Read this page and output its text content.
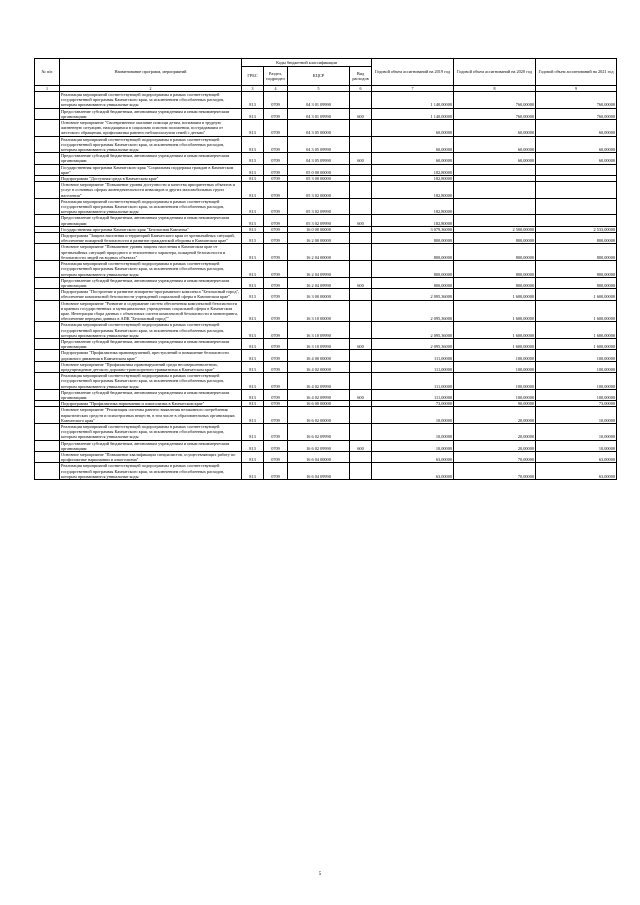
№ п/п	Наименование программ, мероприятий	Коды бюджетной классификации				Годовой объем ассигнований на 2019 год	Годовой объем ассигнований на 2020 год	Годовой объем ассигнований на 2021 год
		ГРБС	Раздел, подраздел	КЦСР	Вид расходов			
1	2	3	4	5	6	7	8	9
	Реализация мероприятий соответствующей подпрограммы в рамках соответствующей государственной программы Камчатского края, за исключением обособленных расходов, которым присваиваются уникальные коды	813	0709	04 3 01 09990		1 140,00000	760,00000	760,00000
	Предоставление субсидий бюджетным, автономным учреждениям и иным некоммерческим организациям	813	0709	04 3 01 09990	600	1 140,00000	760,00000	760,00000
	Основное мероприятие "Своевременное оказание помощи детям, попавшим в трудную жизненную ситуацию, находящимся в социально опасном положении, пострадавшим от жестокого обращения, профилактика раннего неблагополучия семей с детьми"	813	0709	04 3 05 00000		60,00000	60,00000	60,00000
	Реализация мероприятий соответствующей подпрограммы в рамках соответствующей государственной программы Камчатского края, за исключением обособленных расходов, которым присваиваются уникальные коды	813	0709	04 3 05 09990		60,00000	60,00000	60,00000
	Предоставление субсидий бюджетным, автономным учреждениям и иным некоммерческим организациям	813	0709	04 3 05 09990	600	60,00000	60,00000	60,00000
	Государственная программа Камчатского края "Социальная поддержка граждан в Камчатском крае"	813	0709	05 0 00 00000		182,80000		
	Подпрограмма "Доступная среда в Камчатском крае"	813	0709	05 3 00 00000		182,80000		
	Основное мероприятие "Повышение уровня доступности и качества приоритетных объектов и услуг в основных сферах жизнедеятельности инвалидов и других маломобильных групп населения"	813	0709	05 3 02 00000		182,80000		
	Реализация мероприятий соответствующей подпрограммы в рамках соответствующей государственной программы Камчатского края, за исключением обособленных расходов, которым присваиваются уникальные коды	813	0709	05 3 02 09990		182,80000		
	Предоставление субсидий бюджетным, автономным учреждениям и иным некоммерческим организациям	813	0709	05 3 02 09990	600	182,80000		
	Государственная программа Камчатского края "Безопасная Камчатка"	813	0709	16 0 00 00000		3 079,36000	2 500,00000	2 533,00000
	Подпрограмма "Защита населения и территорий Камчатского края от чрезвычайных ситуаций, обеспечение пожарной безопасности и развитие гражданской обороны в Камчатском крае"	813	0709	16 2 00 00000		800,00000	800,00000	800,00000
	Основное мероприятие "Повышение уровня защиты населения в Камчатском крае от чрезвычайных ситуаций природного и техногенного характера, пожарной безопасности и безопасности людей на водных объектах"	813	0709	16 2 04 00000		800,00000	800,00000	800,00000
	Реализация мероприятий соответствующей подпрограммы в рамках соответствующей государственной программы Камчатского края, за исключением обособленных расходов, которым присваиваются уникальные коды	813	0709	16 2 04 09990		800,00000	800,00000	800,00000
	Предоставление субсидий бюджетным, автономным учреждениям и иным некоммерческим организациям	813	0709	16 2 04 09990	600	800,00000	800,00000	800,00000
	Подпрограмма "Построение и развитие аппаратно-программного комплекса "Безопасный город", обеспечение комплексной безопасности учреждений социальной сферы в Камчатском крае"	813	0709	16 3 00 00000		2 095,36000	1 600,00000	1 600,00000
	Основное мероприятие "Развитие и содержание систем обеспечения комплексной безопасности в краевых государственных и муниципальных учреждениях социальной сферы в Камчатском крае. Интеграция сбора данных с объектовых систем комплексной безопасности и мониторинга, обеспечение передачи данных в АПК "Безопасный город""	813	0709	16 3 10 00000		2 095,36000	1 600,00000	1 600,00000
	Реализация мероприятий соответствующей подпрограммы в рамках соответствующей государственной программы Камчатского края, за исключением обособленных расходов, которым присваиваются уникальные коды	813	0709	16 3 10 09990		2 095,36000	1 600,00000	1 600,00000
	Предоставление субсидий бюджетным, автономным учреждениям и иным некоммерческим организациям	813	0709	16 3 10 09990	600	2 095,36000	1 600,00000	1 600,00000
	Подпрограмма "Профилактика правонарушений, преступлений и повышение безопасности дорожного движения в Камчатском крае"	813	0709	16 4 00 00000		111,00000	100,00000	100,00000
	Основное мероприятие "Профилактика правонарушений среди несовершеннолетних, предупреждение детского дорожно-транспортного травматизма в Камчатском крае"	813	0709	16 4 02 00000		111,00000	100,00000	100,00000
	Реализация мероприятий соответствующей подпрограммы в рамках соответствующей государственной программы Камчатского края, за исключением обособленных расходов, которым присваиваются уникальные коды	813	0709	16 4 02 09990		111,00000	100,00000	100,00000
	Предоставление субсидий бюджетным, автономным учреждениям и иным некоммерческим организациям	813	0709	16 4 02 09990	600	111,00000	100,00000	100,00000
	Подпрограмма "Профилактика наркомании и алкоголизма в Камчатском крае"	813	0709	16 6 00 00000		73,00000	90,00000	73,00000
	Основное мероприятие "Реализация системы раннего выявления незаконного потребления наркотических средств и психотропных веществ, в том числе в образовательных организациях Камчатского края"	813	0709	16 6 02 00000		10,00000	20,00000	10,00000
	Реализация мероприятий соответствующей подпрограммы в рамках соответствующей государственной программы Камчатского края, за исключением обособленных расходов, которым присваиваются уникальные коды	813	0709	16 6 02 09990		10,00000	20,00000	10,00000
	Предоставление субсидий бюджетным, автономным учреждениям и иным некоммерческим организациям	813	0709	16 6 02 09990	600	10,00000	20,00000	10,00000
	Основное мероприятие "Повышение квалификации специалистов, осуществляющих работу по профилактике наркомании и алкоголизма"	813	0709	16 6 04 00000		63,00000	70,00000	63,00000
	Реализация мероприятий соответствующей подпрограммы в рамках соответствующей государственной программы Камчатского края, за исключением обособленных расходов, которым присваиваются уникальные коды	813	0709	16 6 04 09990		63,00000	70,00000	63,00000
5
